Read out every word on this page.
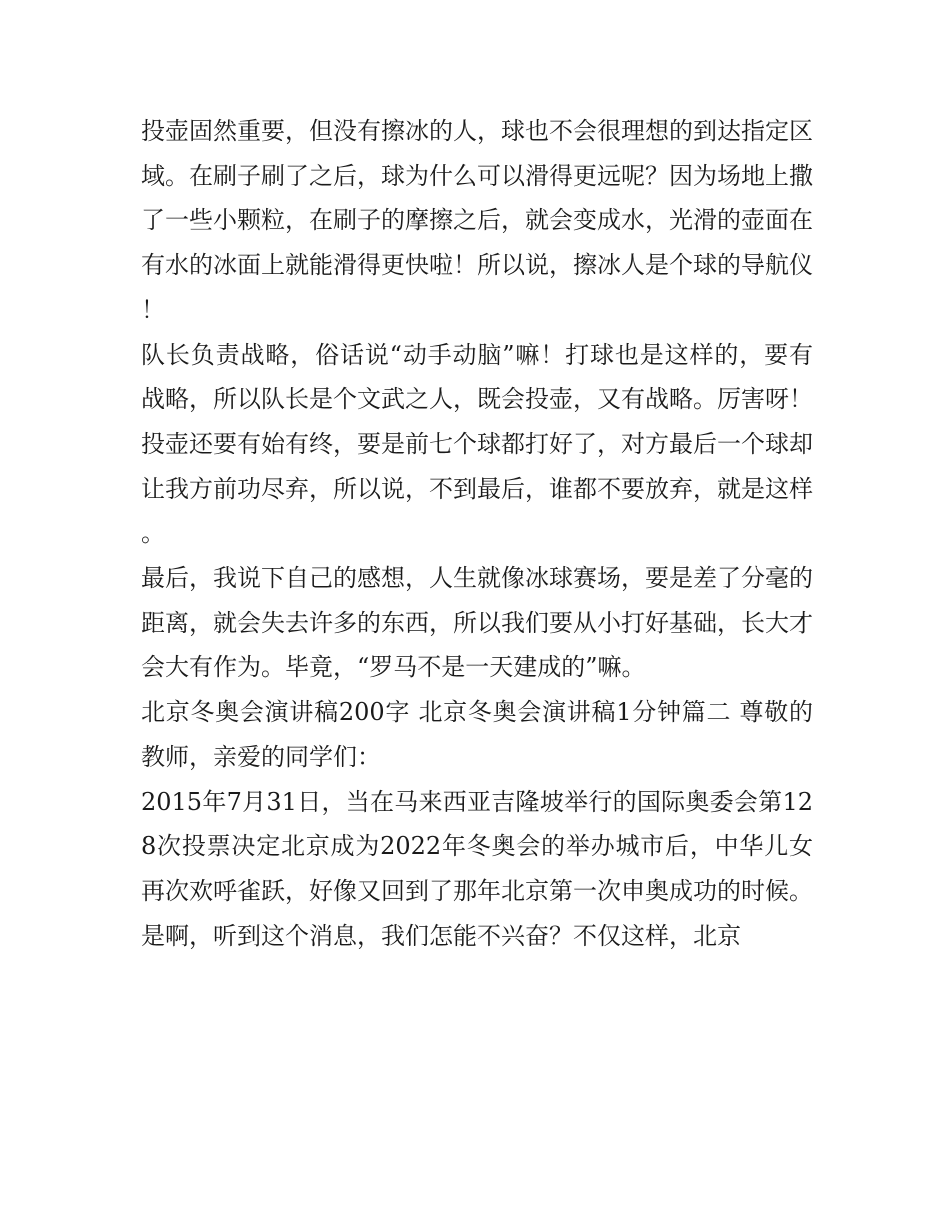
投壶固然重要，但没有擦冰的人，球也不会很理想的到达指定区域。在刷子刷了之后，球为什么可以滑得更远呢？因为场地上撒了一些小颗粒，在刷子的摩擦之后，就会变成水，光滑的壶面在有水的冰面上就能滑得更快啦！所以说，擦冰人是个球的导航仪！

队长负责战略，俗话说“动手动脑”嘛！打球也是这样的，要有战略，所以队长是个文武之人，既会投壶，又有战略。厉害呀！

投壶还要有始有终，要是前七个球都打好了，对方最后一个球却让我方前功尽弃，所以说，不到最后，谁都不要放弃，就是这样。

最后，我说下自己的感想，人生就像冰球赛场，要是差了分毫的距离，就会失去许多的东西，所以我们要从小打好基础，长大才会大有作为。毕竟，“罗马不是一天建成的”嘛。

北京冬奥会演讲稿200字 北京冬奥会演讲稿1分钟篇二 尊敬的教师，亲爱的同学们：

2015年7月31日，当在马来西亚吉隆坡举行的国际奥委会第128次投票决定北京成为2022年冬奥会的举办城市后，中华儿女再次欢呼雀跃，好像又回到了那年北京第一次申奥成功的时候。是啊，听到这个消息，我们怎能不兴奋？不仅这样，北京
